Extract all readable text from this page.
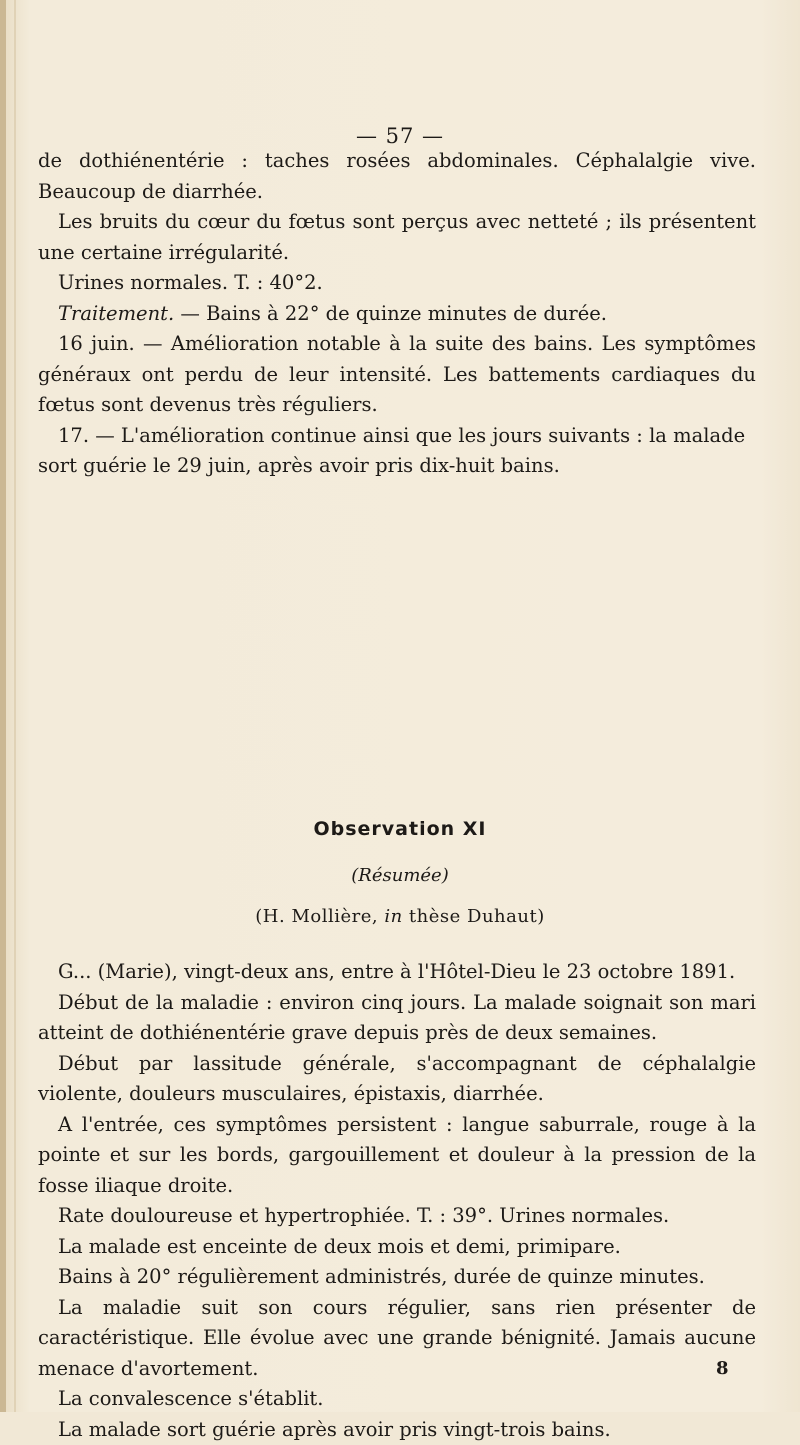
— 57 —

de dothiénentérie : taches rosées abdominales. Céphalalgie vive. Beaucoup de diarrhée.

Les bruits du cœur du fœtus sont perçus avec netteté ; ils présentent une certaine irrégularité.

Urines normales. T. : 40°2.

Traitement. — Bains à 22° de quinze minutes de durée.

16 juin. — Amélioration notable à la suite des bains. Les symptômes généraux ont perdu de leur intensité. Les battements cardiaques du fœtus sont devenus très réguliers.

17. — L'amélioration continue ainsi que les jours suivants : la malade sort guérie le 29 juin, après avoir pris dix-huit bains.

Observation XI
(Résumée)
(H. Mollière, in thèse Duhaut)

G... (Marie), vingt-deux ans, entre à l'Hôtel-Dieu le 23 octobre 1891.

Début de la maladie : environ cinq jours. La malade soignait son mari atteint de dothiénentérie grave depuis près de deux semaines.

Début par lassitude générale, s'accompagnant de céphalalgie violente, douleurs musculaires, épistaxis, diarrhée.

A l'entrée, ces symptômes persistent : langue saburrale, rouge à la pointe et sur les bords, gargouillement et douleur à la pression de la fosse iliaque droite.

Rate douloureuse et hypertrophiée. T. : 39°. Urines normales.

La malade est enceinte de deux mois et demi, primipare.

Bains à 20° régulièrement administrés, durée de quinze minutes.

La maladie suit son cours régulier, sans rien présenter de caractéristique. Elle évolue avec une grande bénignité. Jamais aucune menace d'avortement.

La convalescence s'établit.

La malade sort guérie après avoir pris vingt-trois bains.

8
